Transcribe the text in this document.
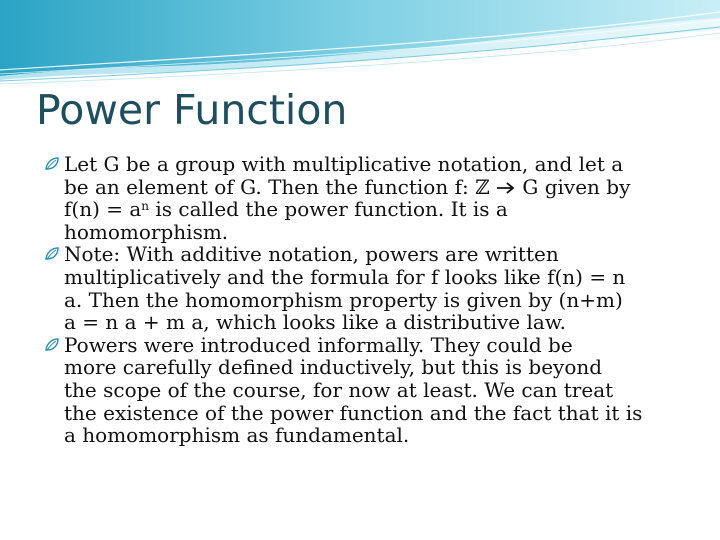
Power Function

Let G be a group with multiplicative notation, and let a
be an element of G. Then the function f: ℤ  G given by
$f(n) = a^n$ is called the power function. It is a
homomorphism.

Note: With additive notation, powers are written
multiplicatively and the formula for f looks like f(n) = n
a. Then the homomorphism property is given by (n+m)
a = n a + m a, which looks like a distributive law.

Powers were introduced informally. They could be
more carefully defined inductively, but this is beyond
the scope of the course, for now at least. We can treat
the existence of the power function and the fact that it is
a homomorphism as fundamental.
